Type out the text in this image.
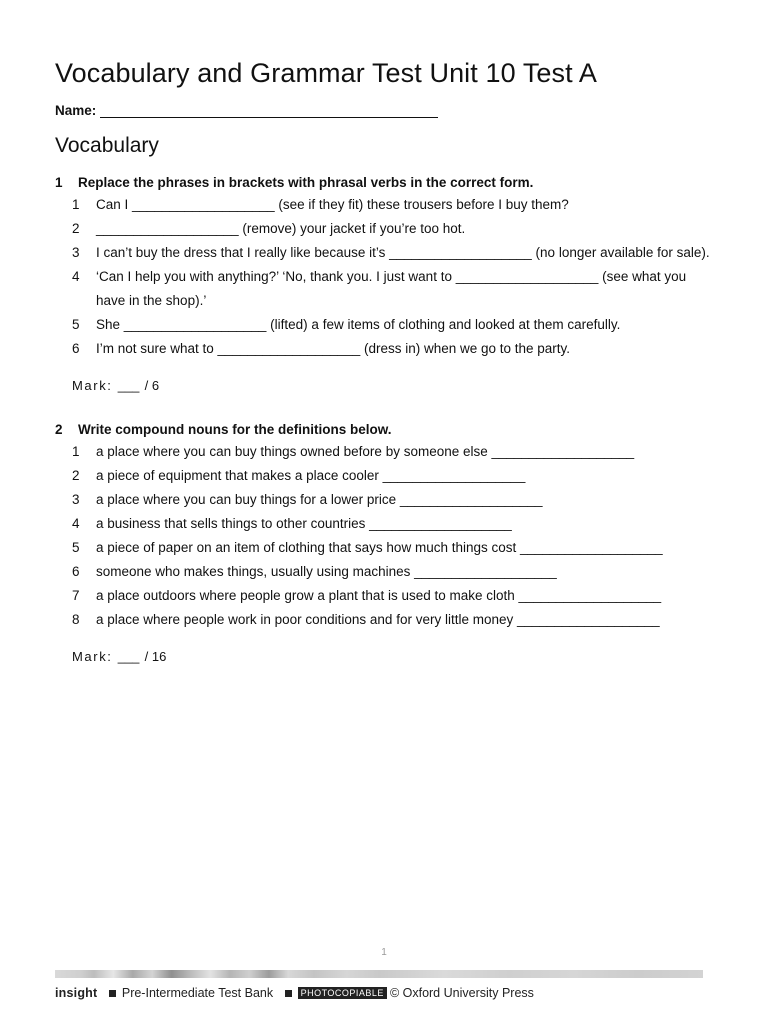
Vocabulary and Grammar Test Unit 10 Test A
Name:
Vocabulary
1 Replace the phrases in brackets with phrasal verbs in the correct form.
1 Can I ___________________ (see if they fit) these trousers before I buy them?
2 ___________________ (remove) your jacket if you’re too hot.
3 I can’t buy the dress that I really like because it’s ___________________ (no longer available for sale).
4 ‘Can I help you with anything?’ ‘No, thank you. I just want to ___________________ (see what you have in the shop).’
5 She ___________________ (lifted) a few items of clothing and looked at them carefully.
6 I’m not sure what to ___________________ (dress in) when we go to the party.
Mark: ___ / 6
2 Write compound nouns for the definitions below.
1 a place where you can buy things owned before by someone else ___________________
2 a piece of equipment that makes a place cooler ___________________
3 a place where you can buy things for a lower price ___________________
4 a business that sells things to other countries ___________________
5 a piece of paper on an item of clothing that says how much things cost ___________________
6 someone who makes things, usually using machines ___________________
7 a place outdoors where people grow a plant that is used to make cloth ___________________
8 a place where people work in poor conditions and for very little money ___________________
Mark: ___ / 16
1
insight Pre-Intermediate Test Bank	PHOTOCOPIABLE © Oxford University Press
